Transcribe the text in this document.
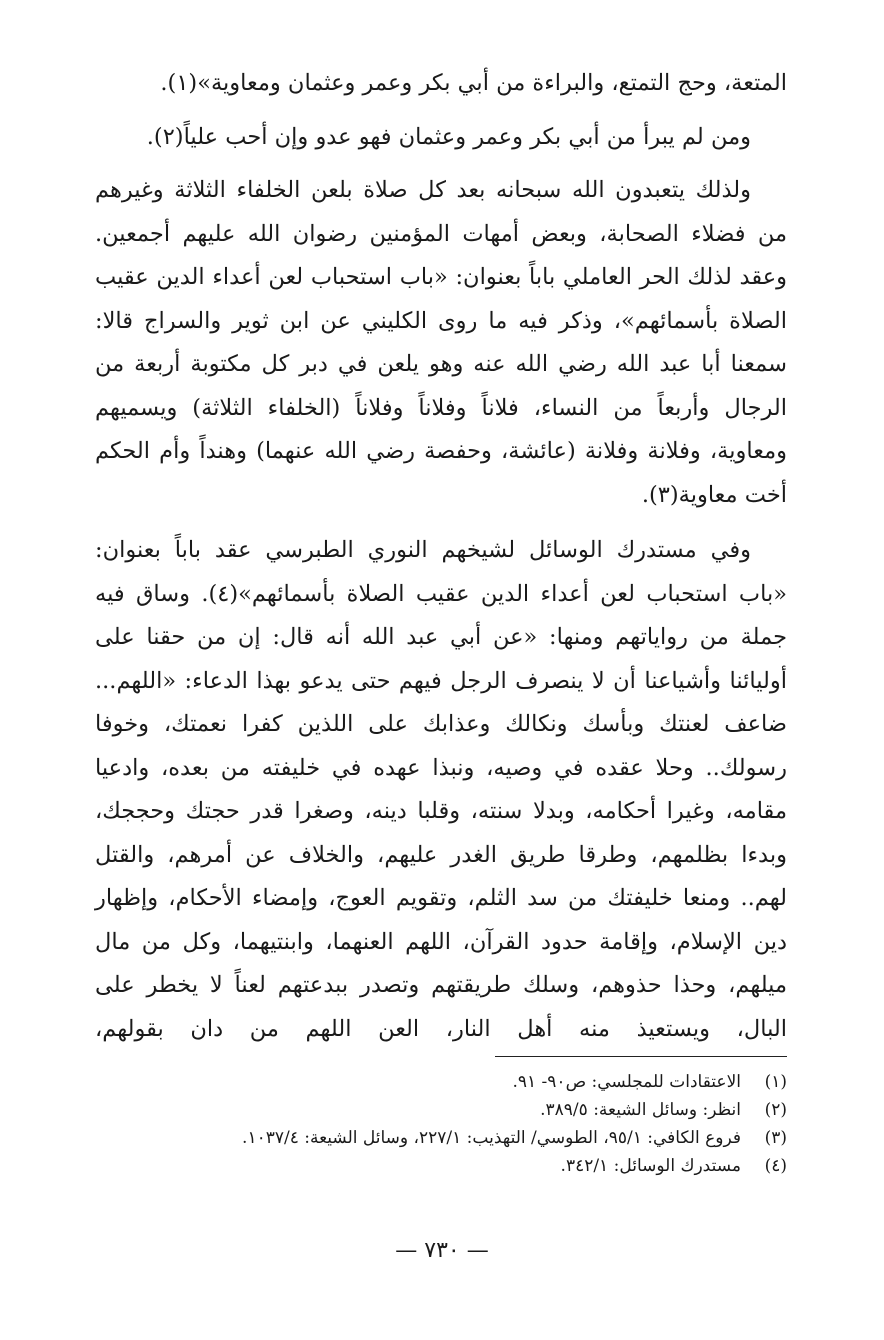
المتعة، وحج التمتع، والبراءة من أبي بكر وعمر وعثمان ومعاوية»(١).

ومن لم يبرأ من أبي بكر وعمر وعثمان فهو عدو وإن أحب علياً(٢).

ولذلك يتعبدون الله سبحانه بعد كل صلاة بلعن الخلفاء الثلاثة وغيرهم من فضلاء الصحابة، وبعض أمهات المؤمنين رضوان الله عليهم أجمعين. وعقد لذلك الحر العاملي باباً بعنوان: «باب استحباب لعن أعداء الدين عقيب الصلاة بأسمائهم»، وذكر فيه ما روى الكليني عن ابن ثوير والسراج قالا: سمعنا أبا عبد الله رضي الله عنه وهو يلعن في دبر كل مكتوبة أربعة من الرجال وأربعاً من النساء، فلاناً وفلاناً وفلاناً (الخلفاء الثلاثة) ويسميهم ومعاوية، وفلانة وفلانة (عائشة، وحفصة رضي الله عنهما) وهنداً وأم الحكم أخت معاوية(٣).

وفي مستدرك الوسائل لشيخهم النوري الطبرسي عقد باباً بعنوان: «باب استحباب لعن أعداء الدين عقيب الصلاة بأسمائهم»(٤). وساق فيه جملة من رواياتهم ومنها: «عن أبي عبد الله أنه قال: إن من حقنا على أوليائنا وأشياعنا أن لا ينصرف الرجل فيهم حتى يدعو بهذا الدعاء: «اللهم... ضاعف لعنتك وبأسك ونكالك وعذابك على اللذين كفرا نعمتك، وخوفا رسولك.. وحلا عقده في وصيه، ونبذا عهده في خليفته من بعده، وادعيا مقامه، وغيرا أحكامه، وبدلا سنته، وقلبا دينه، وصغرا قدر حجتك وحججك، وبدءا بظلمهم، وطرقا طريق الغدر عليهم، والخلاف عن أمرهم، والقتل لهم.. ومنعا خليفتك من سد الثلم، وتقويم العوج، وإمضاء الأحكام، وإظهار دين الإسلام، وإقامة حدود القرآن، اللهم العنهما، وابنتيهما، وكل من مال ميلهم، وحذا حذوهم، وسلك طريقتهم وتصدر ببدعتهم لعناً لا يخطر على البال، ويستعيذ منه أهل النار، العن اللهم من دان بقولهم،

(١)
الاعتقادات للمجلسي: ص٩٠- ٩١.
(٢)
انظر: وسائل الشيعة: ٣٨٩/٥.
(٣)
فروع الكافي: ٩٥/١، الطوسي/ التهذيب: ٢٢٧/١، وسائل الشيعة: ١٠٣٧/٤.
(٤)
مستدرك الوسائل: ٣٤٢/١.
— ٧٣٠ —
